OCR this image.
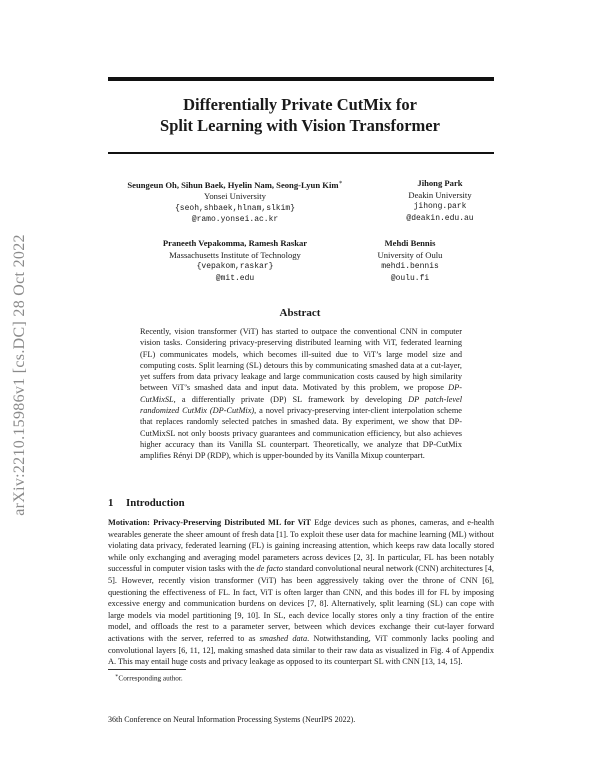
arXiv:2210.15986v1 [cs.DC] 28 Oct 2022
Differentially Private CutMix for
Split Learning with Vision Transformer
Seungeun Oh, Sihun Baek, Hyelin Nam, Seong-Lyun Kim∗
Yonsei University
{seoh,shbaek,hlnam,slkim}
@ramo.yonsei.ac.kr
Jihong Park
Deakin University
jihong.park
@deakin.edu.au
Praneeth Vepakomma, Ramesh Raskar
Massachusetts Institute of Technology
{vepakom,raskar}
@mit.edu
Mehdi Bennis
University of Oulu
mehdi.bennis
@oulu.fi
Abstract

Recently, vision transformer (ViT) has started to outpace the conventional CNN in computer vision tasks. Considering privacy-preserving distributed learning with ViT, federated learning (FL) communicates models, which becomes ill-suited due to ViT’s large model size and computing costs. Split learning (SL) detours this by communicating smashed data at a cut-layer, yet suffers from data privacy leakage and large communication costs caused by high similarity between ViT’s smashed data and input data. Motivated by this problem, we propose DP-CutMixSL, a differentially private (DP) SL framework by developing DP patch-level randomized CutMix (DP-CutMix), a novel privacy-preserving inter-client interpolation scheme that replaces randomly selected patches in smashed data. By experiment, we show that DP-CutMixSL not only boosts privacy guarantees and communication efficiency, but also achieves higher accuracy than its Vanilla SL counterpart. Theoretically, we analyze that DP-CutMix amplifies Rényi DP (RDP), which is upper-bounded by its Vanilla Mixup counterpart.

1 Introduction

Motivation: Privacy-Preserving Distributed ML for ViT Edge devices such as phones, cameras, and e-health wearables generate the sheer amount of fresh data [1]. To exploit these user data for machine learning (ML) without violating data privacy, federated learning (FL) is gaining increasing attention, which keeps raw data locally stored while only exchanging and averaging model parameters across devices [2, 3]. In particular, FL has been notably successful in computer vision tasks with the de facto standard convolutional neural network (CNN) architectures [4, 5]. However, recently vision transformer (ViT) has been aggressively taking over the throne of CNN [6], questioning the effectiveness of FL. In fact, ViT is often larger than CNN, and this bodes ill for FL by imposing excessive energy and communication burdens on devices [7, 8]. Alternatively, split learning (SL) can cope with large models via model partitioning [9, 10]. In SL, each device locally stores only a tiny fraction of the entire model, and offloads the rest to a parameter server, between which devices exchange their cut-layer forward activations with the server, referred to as smashed data. Notwithstanding, ViT commonly lacks pooling and convolutional layers [6, 11, 12], making smashed data similar to their raw data as visualized in Fig. 4 of Appendix A. This may entail huge costs and privacy leakage as opposed to its counterpart SL with CNN [13, 14, 15].

∗Corresponding author.
36th Conference on Neural Information Processing Systems (NeurIPS 2022).
